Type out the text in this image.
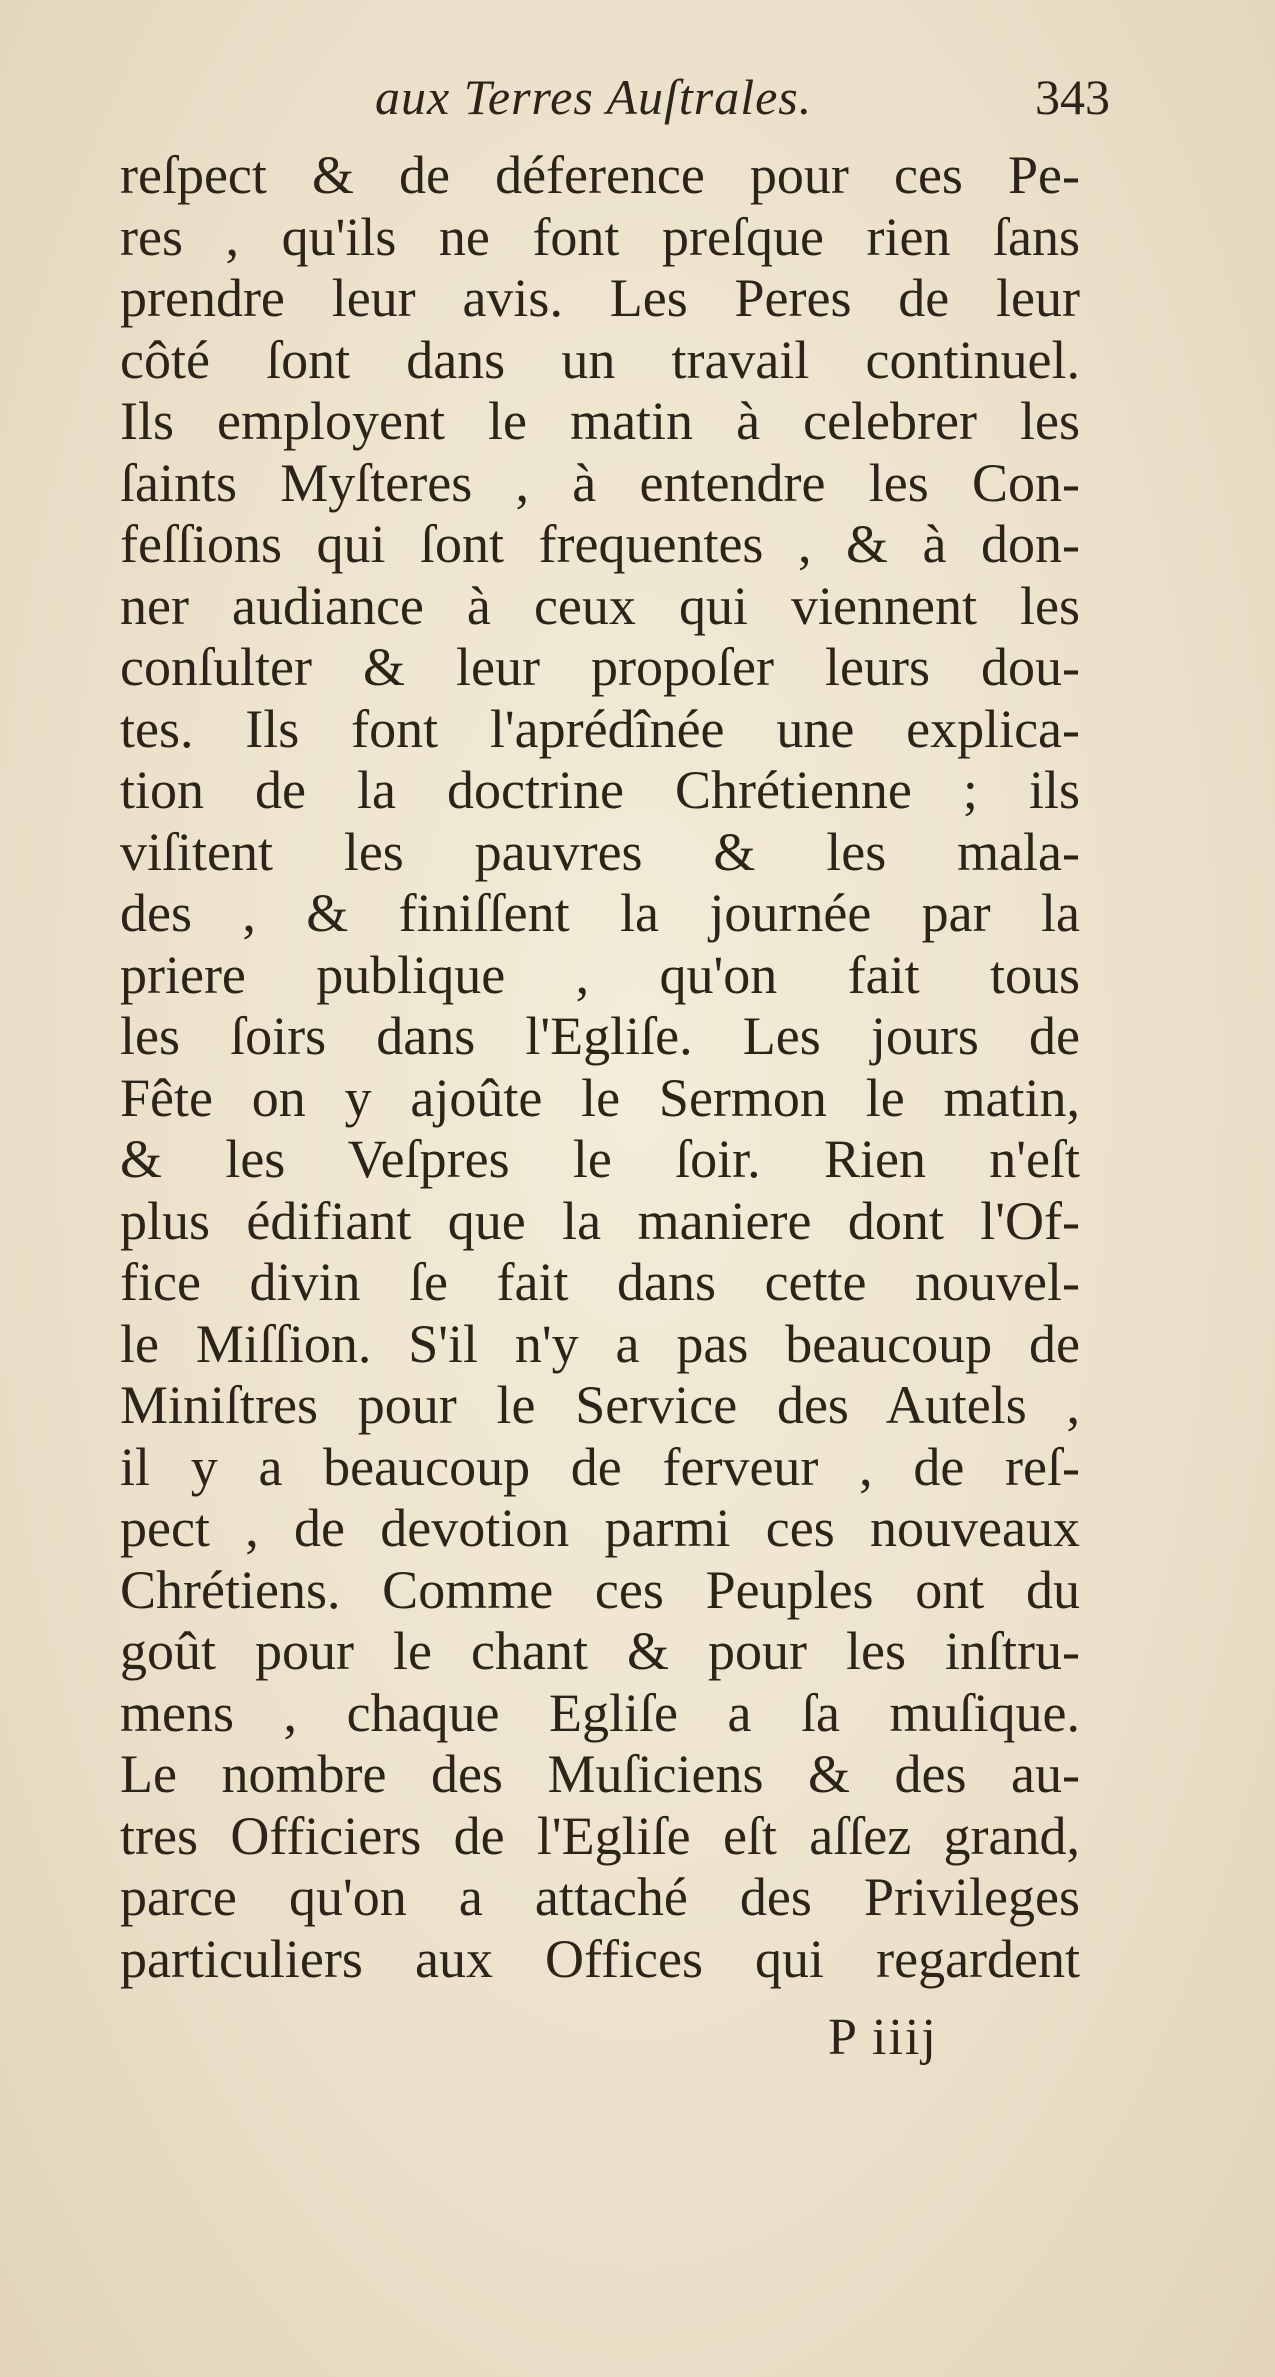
aux Terres Auſtrales.	343
reſpect & de déference pour ces Pe-
res , qu'ils ne font preſque rien ſans
prendre leur avis. Les Peres de leur
côté ſont dans un travail continuel.
Ils employent le matin à celebrer les
ſaints Myſteres , à entendre les Con-
feſſions qui ſont frequentes , & à don-
ner audiance à ceux qui viennent les
conſulter & leur propoſer leurs dou-
tes. Ils font l'aprédînée une explica-
tion de la doctrine Chrétienne ; ils
viſitent les pauvres & les mala-
des , & finiſſent la journée par la
priere publique , qu'on fait tous
les ſoirs dans l'Egliſe. Les jours de
Fête on y ajoûte le Sermon le matin,
& les Veſpres le ſoir. Rien n'eſt
plus édifiant que la maniere dont l'Of-
fice divin ſe fait dans cette nouvel-
le Miſſion. S'il n'y a pas beaucoup de
Miniſtres pour le Service des Autels ,
il y a beaucoup de ferveur , de reſ-
pect , de devotion parmi ces nouveaux
Chrétiens. Comme ces Peuples ont du
goût pour le chant & pour les inſtru-
mens , chaque Egliſe a ſa muſique.
Le nombre des Muſiciens & des au-
tres Officiers de l'Egliſe eſt aſſez grand,
parce qu'on a attaché des Privileges
particuliers aux Offices qui regardent
P iiij
